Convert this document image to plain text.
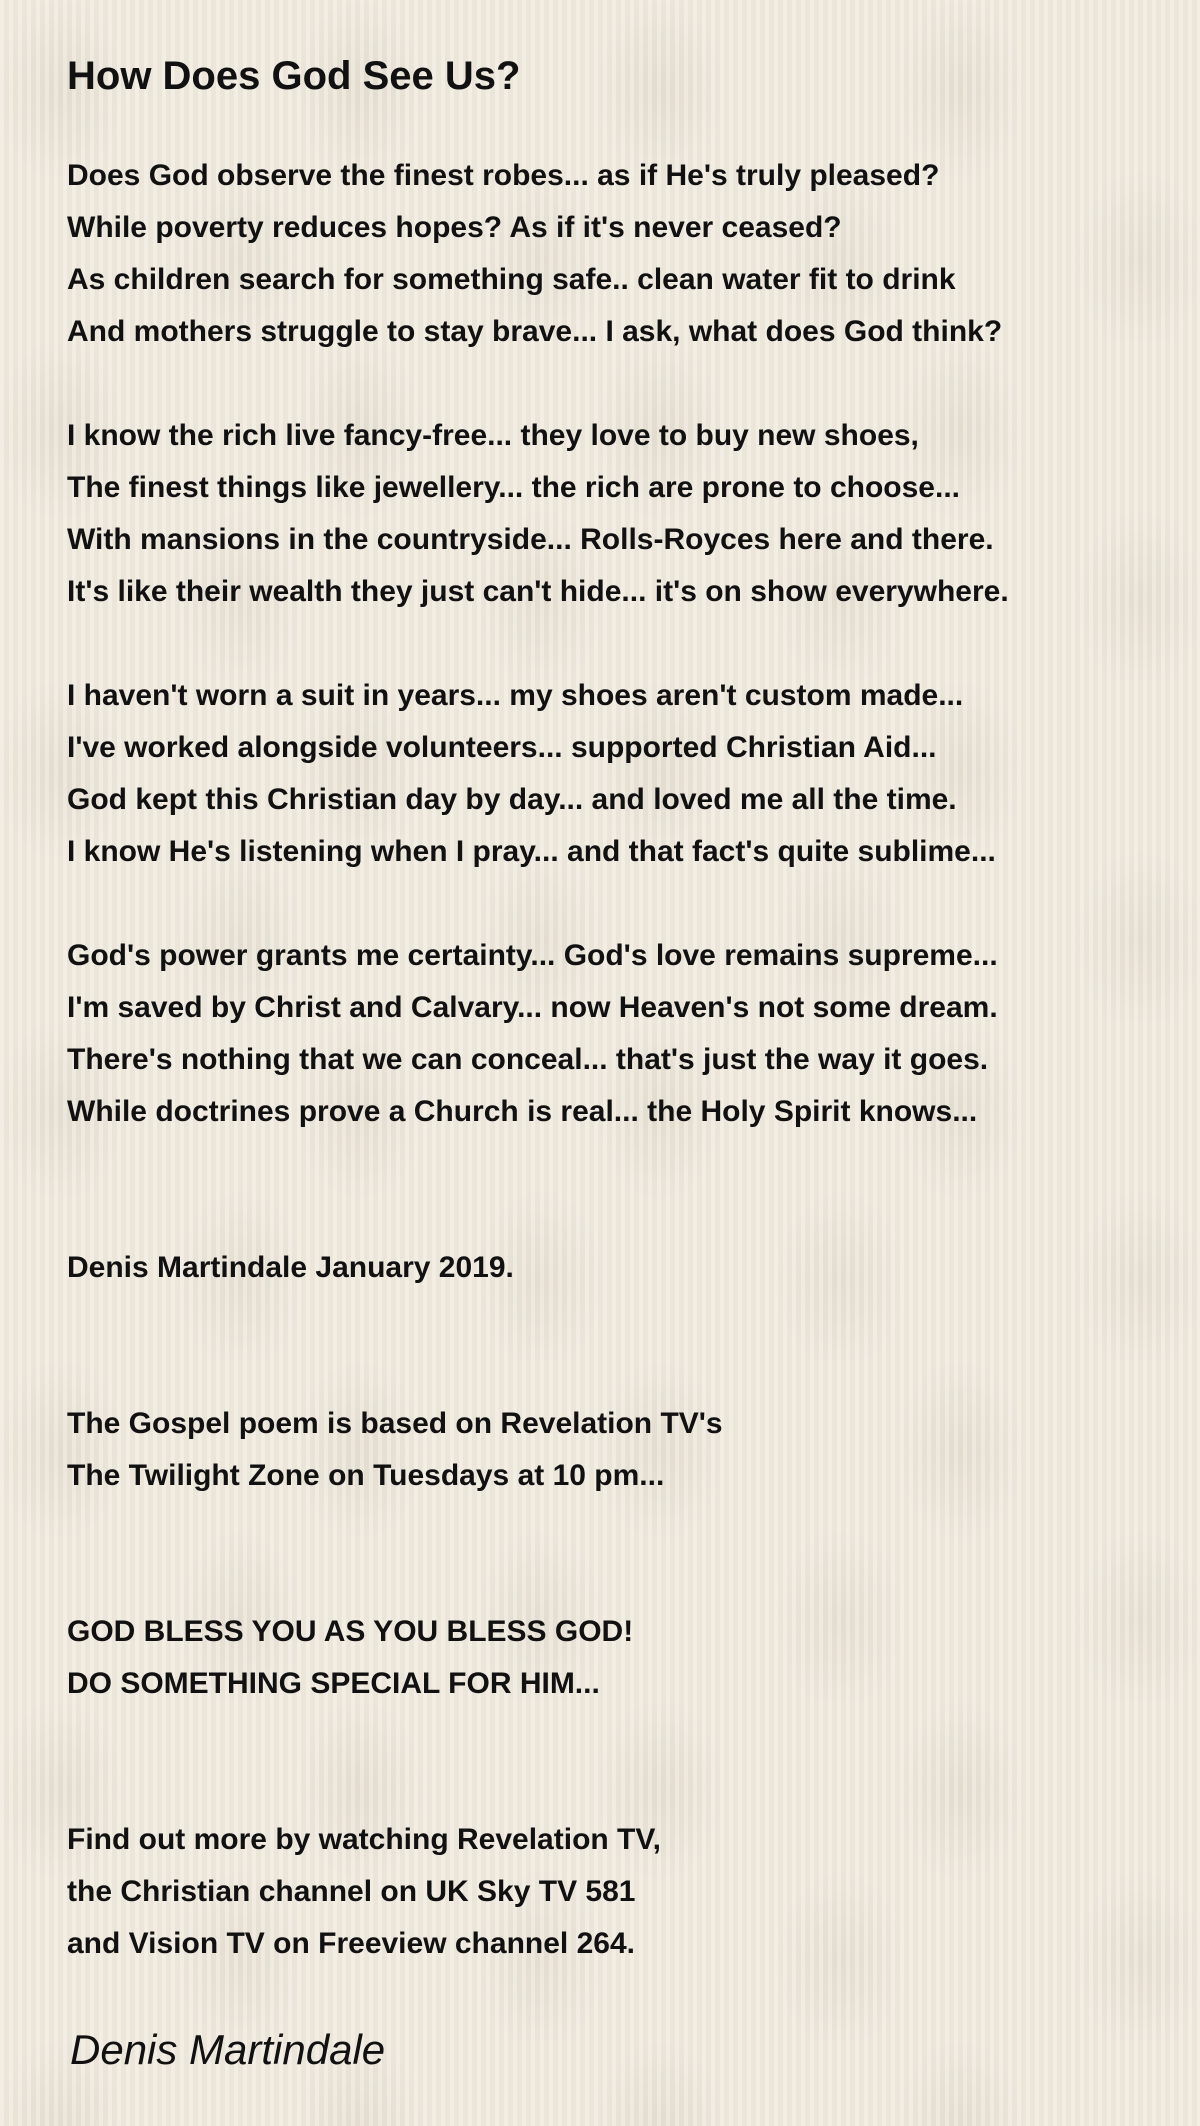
How Does God See Us?
Does God observe the finest robes... as if He's truly pleased?
While poverty reduces hopes? As if it's never ceased?
As children search for something safe.. clean water fit to drink
And mothers struggle to stay brave... I ask, what does God think?
I know the rich live fancy-free... they love to buy new shoes,
The finest things like jewellery... the rich are prone to choose...
With mansions in the countryside... Rolls-Royces here and there.
It's like their wealth they just can't hide... it's on show everywhere.
I haven't worn a suit in years... my shoes aren't custom made...
I've worked alongside volunteers... supported Christian Aid...
God kept this Christian day by day... and loved me all the time.
I know He's listening when I pray... and that fact's quite sublime...
God's power grants me certainty... God's love remains supreme...
I'm saved by Christ and Calvary... now Heaven's not some dream.
There's nothing that we can conceal... that's just the way it goes.
While doctrines prove a Church is real... the Holy Spirit knows...
Denis Martindale January 2019.
The Gospel poem is based on Revelation TV's
The Twilight Zone on Tuesdays at 10 pm...
GOD BLESS YOU AS YOU BLESS GOD!
DO SOMETHING SPECIAL FOR HIM...
Find out more by watching Revelation TV,
the Christian channel on UK Sky TV 581
and Vision TV on Freeview channel 264.
Denis Martindale
